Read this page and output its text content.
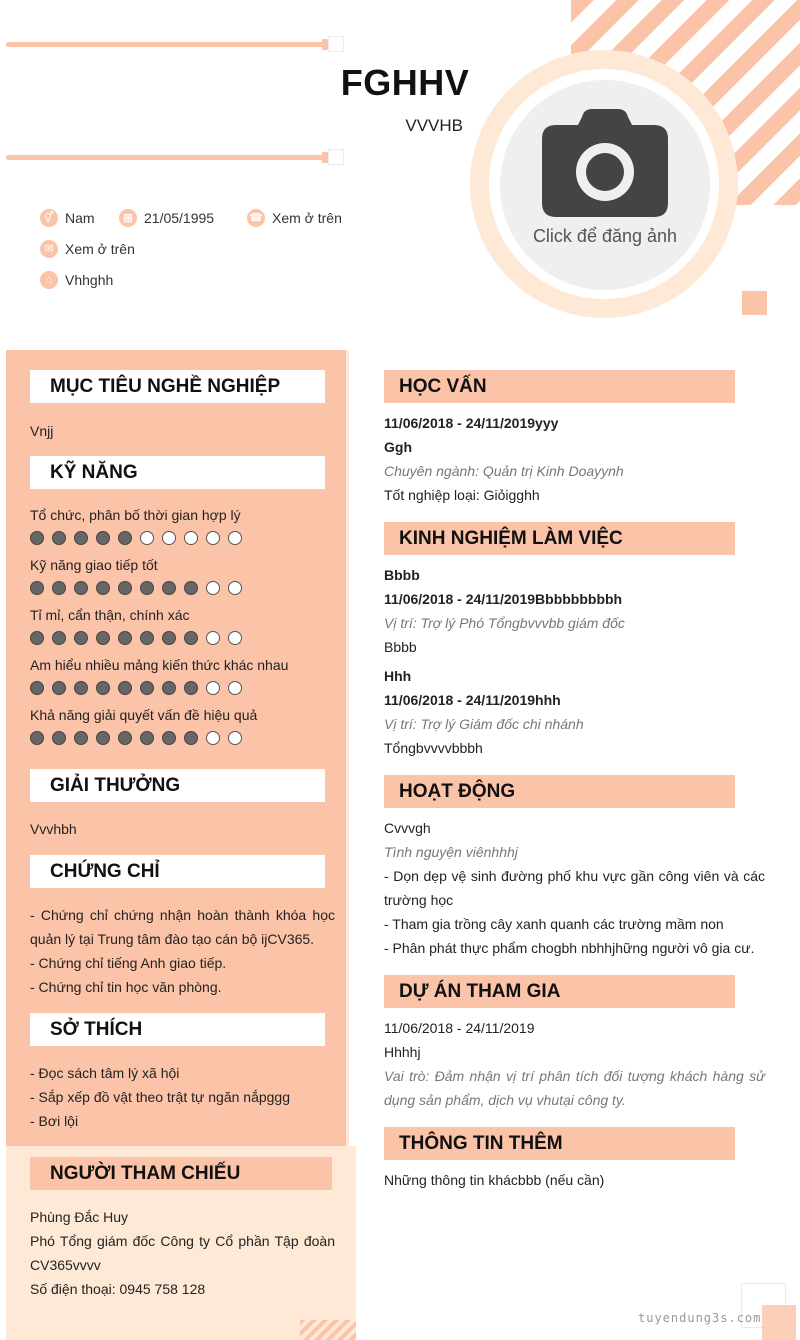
FGHHV
VVVHB
Click để đăng ảnh
⚥ Nam	▦ 21/05/1995	☎ Xem ở trên
✉ Xem ở trên
⌂ Vhhghh
MỤC TIÊU NGHỀ NGHIỆP
Vnjj
KỸ NĂNG
Tổ chức, phân bố thời gian hợp lý
Kỹ năng giao tiếp tốt
Tỉ mỉ, cẩn thận, chính xác
Am hiểu nhiều mảng kiến thức khác nhau
Khả năng giải quyết vấn đề hiệu quả
GIẢI THƯỞNG
Vvvhbh
CHỨNG CHỈ
- Chứng chỉ chứng nhận hoàn thành khóa học quản lý tại Trung tâm đào tạo cán bộ ijCV365.
- Chứng chỉ tiếng Anh giao tiếp.
- Chứng chỉ tin học văn phòng.
SỞ THÍCH
- Đọc sách tâm lý xã hội
- Sắp xếp đồ vật theo trật tự ngăn nắpggg
- Bơi lội
NGƯỜI THAM CHIẾU
Phùng Đắc Huy
Phó Tổng giám đốc Công ty Cổ phần Tập đoàn CV365vvvv
Số điện thoại: 0945 758 128
HỌC VẤN
11/06/2018 - 24/11/2019yyy
Ggh
Chuyên ngành: Quản trị Kinh Doayynh
Tốt nghiệp loại: Giỏigghh
KINH NGHIỆM LÀM VIỆC
Bbbb
11/06/2018 - 24/11/2019Bbbbbbbbbh
Vị trí: Trợ lý Phó Tổngbvvvbb giám đốc
Bbbb
Hhh
11/06/2018 - 24/11/2019hhh
Vị trí: Trợ lý Giám đốc chi nhánh
Tổngbvvvvbbbh
HOẠT ĐỘNG
Cvvvgh
Tình nguyện viênhhhj
- Dọn dẹp vệ sinh đường phố khu vực gần công viên và các trường học
- Tham gia trồng cây xanh quanh các trường mầm non
- Phân phát thực phẩm chogbh nbhhjhững người vô gia cư.
DỰ ÁN THAM GIA
11/06/2018 - 24/11/2019
Hhhhj
Vai trò: Đảm nhận vị trí phân tích đối tượng khách hàng sử dụng sản phẩm, dịch vụ vhutại công ty.
THÔNG TIN THÊM
Những thông tin khácbbb (nếu cần)
tuyendung3s.com
